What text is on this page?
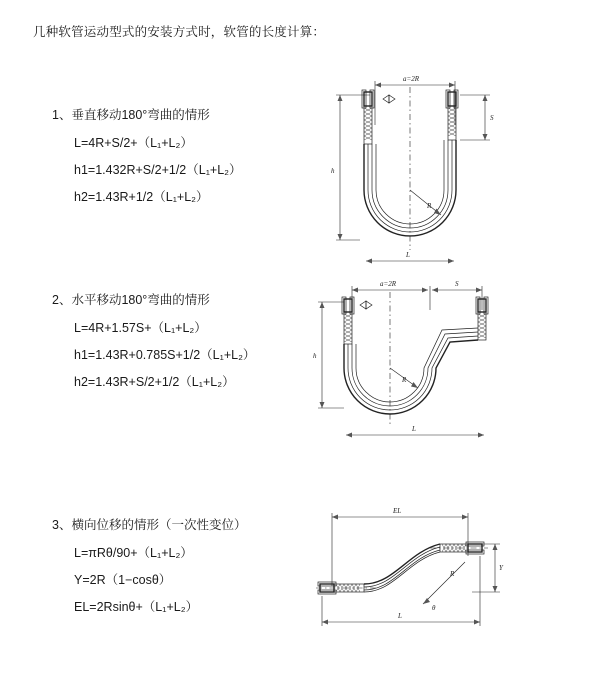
几种软管运动型式的安装方式时，软管的长度计算：
1、垂直移动180°弯曲的情形
L=4R+S/2+（L₁+L₂）
h1=1.432R+S/2+1/2（L₁+L₂）
h2=1.43R+1/2（L₁+L₂）
a=2R
S
h
R
L
2、水平移动180°弯曲的情形
L=4R+1.57S+（L₁+L₂）
h1=1.43R+0.785S+1/2（L₁+L₂）
h2=1.43R+S/2+1/2（L₁+L₂）
a=2R	S
h
R
L
3、横向位移的情形（一次性变位）
L=πRθ/90+（L₁+L₂）
Y=2R（1−cosθ）
EL=2Rsinθ+（L₁+L₂）
EL
Y
θ
R
L
